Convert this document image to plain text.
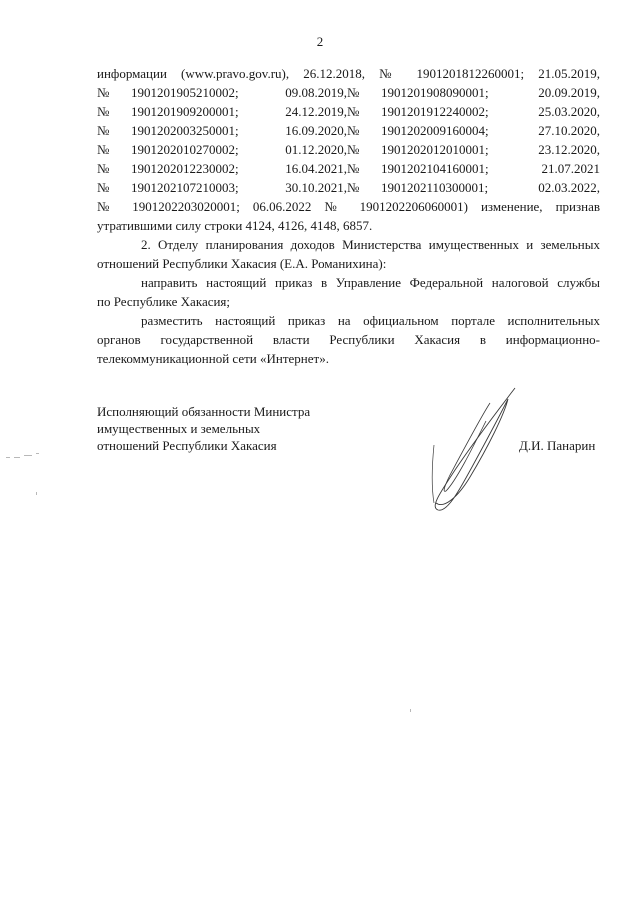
2
информации (www.pravo.gov.ru), 26.12.2018, № 1901201812260001; 21.05.2019,
№	1901201905210002;	09.08.2019, №	1901201908090001;	20.09.2019,
№	1901201909200001;	24.12.2019, №	1901201912240002;	25.03.2020,
№	1901202003250001;	16.09.2020, №	1901202009160004;	27.10.2020,
№	1901202010270002;	01.12.2020, №	1901202012010001;	23.12.2020,
№	1901202012230002;	16.04.2021, №	1901202104160001;	21.07.2021
№	1901202107210003;	30.10.2021, №	1901202110300001;	02.03.2022,
№ 1901202203020001; 06.06.2022 № 1901202206060001) изменение, признав
утратившими силу строки 4124, 4126, 4148, 6857.
2. Отделу планирования доходов Министерства имущественных и земельных
отношений Республики Хакасия (Е.А. Романихина):
направить настоящий приказ в Управление Федеральной налоговой службы
по Республике Хакасия;
разместить настоящий приказ на официальном портале исполнительных
органов государственной власти Республики Хакасия в информационно-
телекоммуникационной сети «Интернет».
Исполняющий обязанности Министра
имущественных и земельных
отношений Республики Хакасия	Д.И. Панарин
